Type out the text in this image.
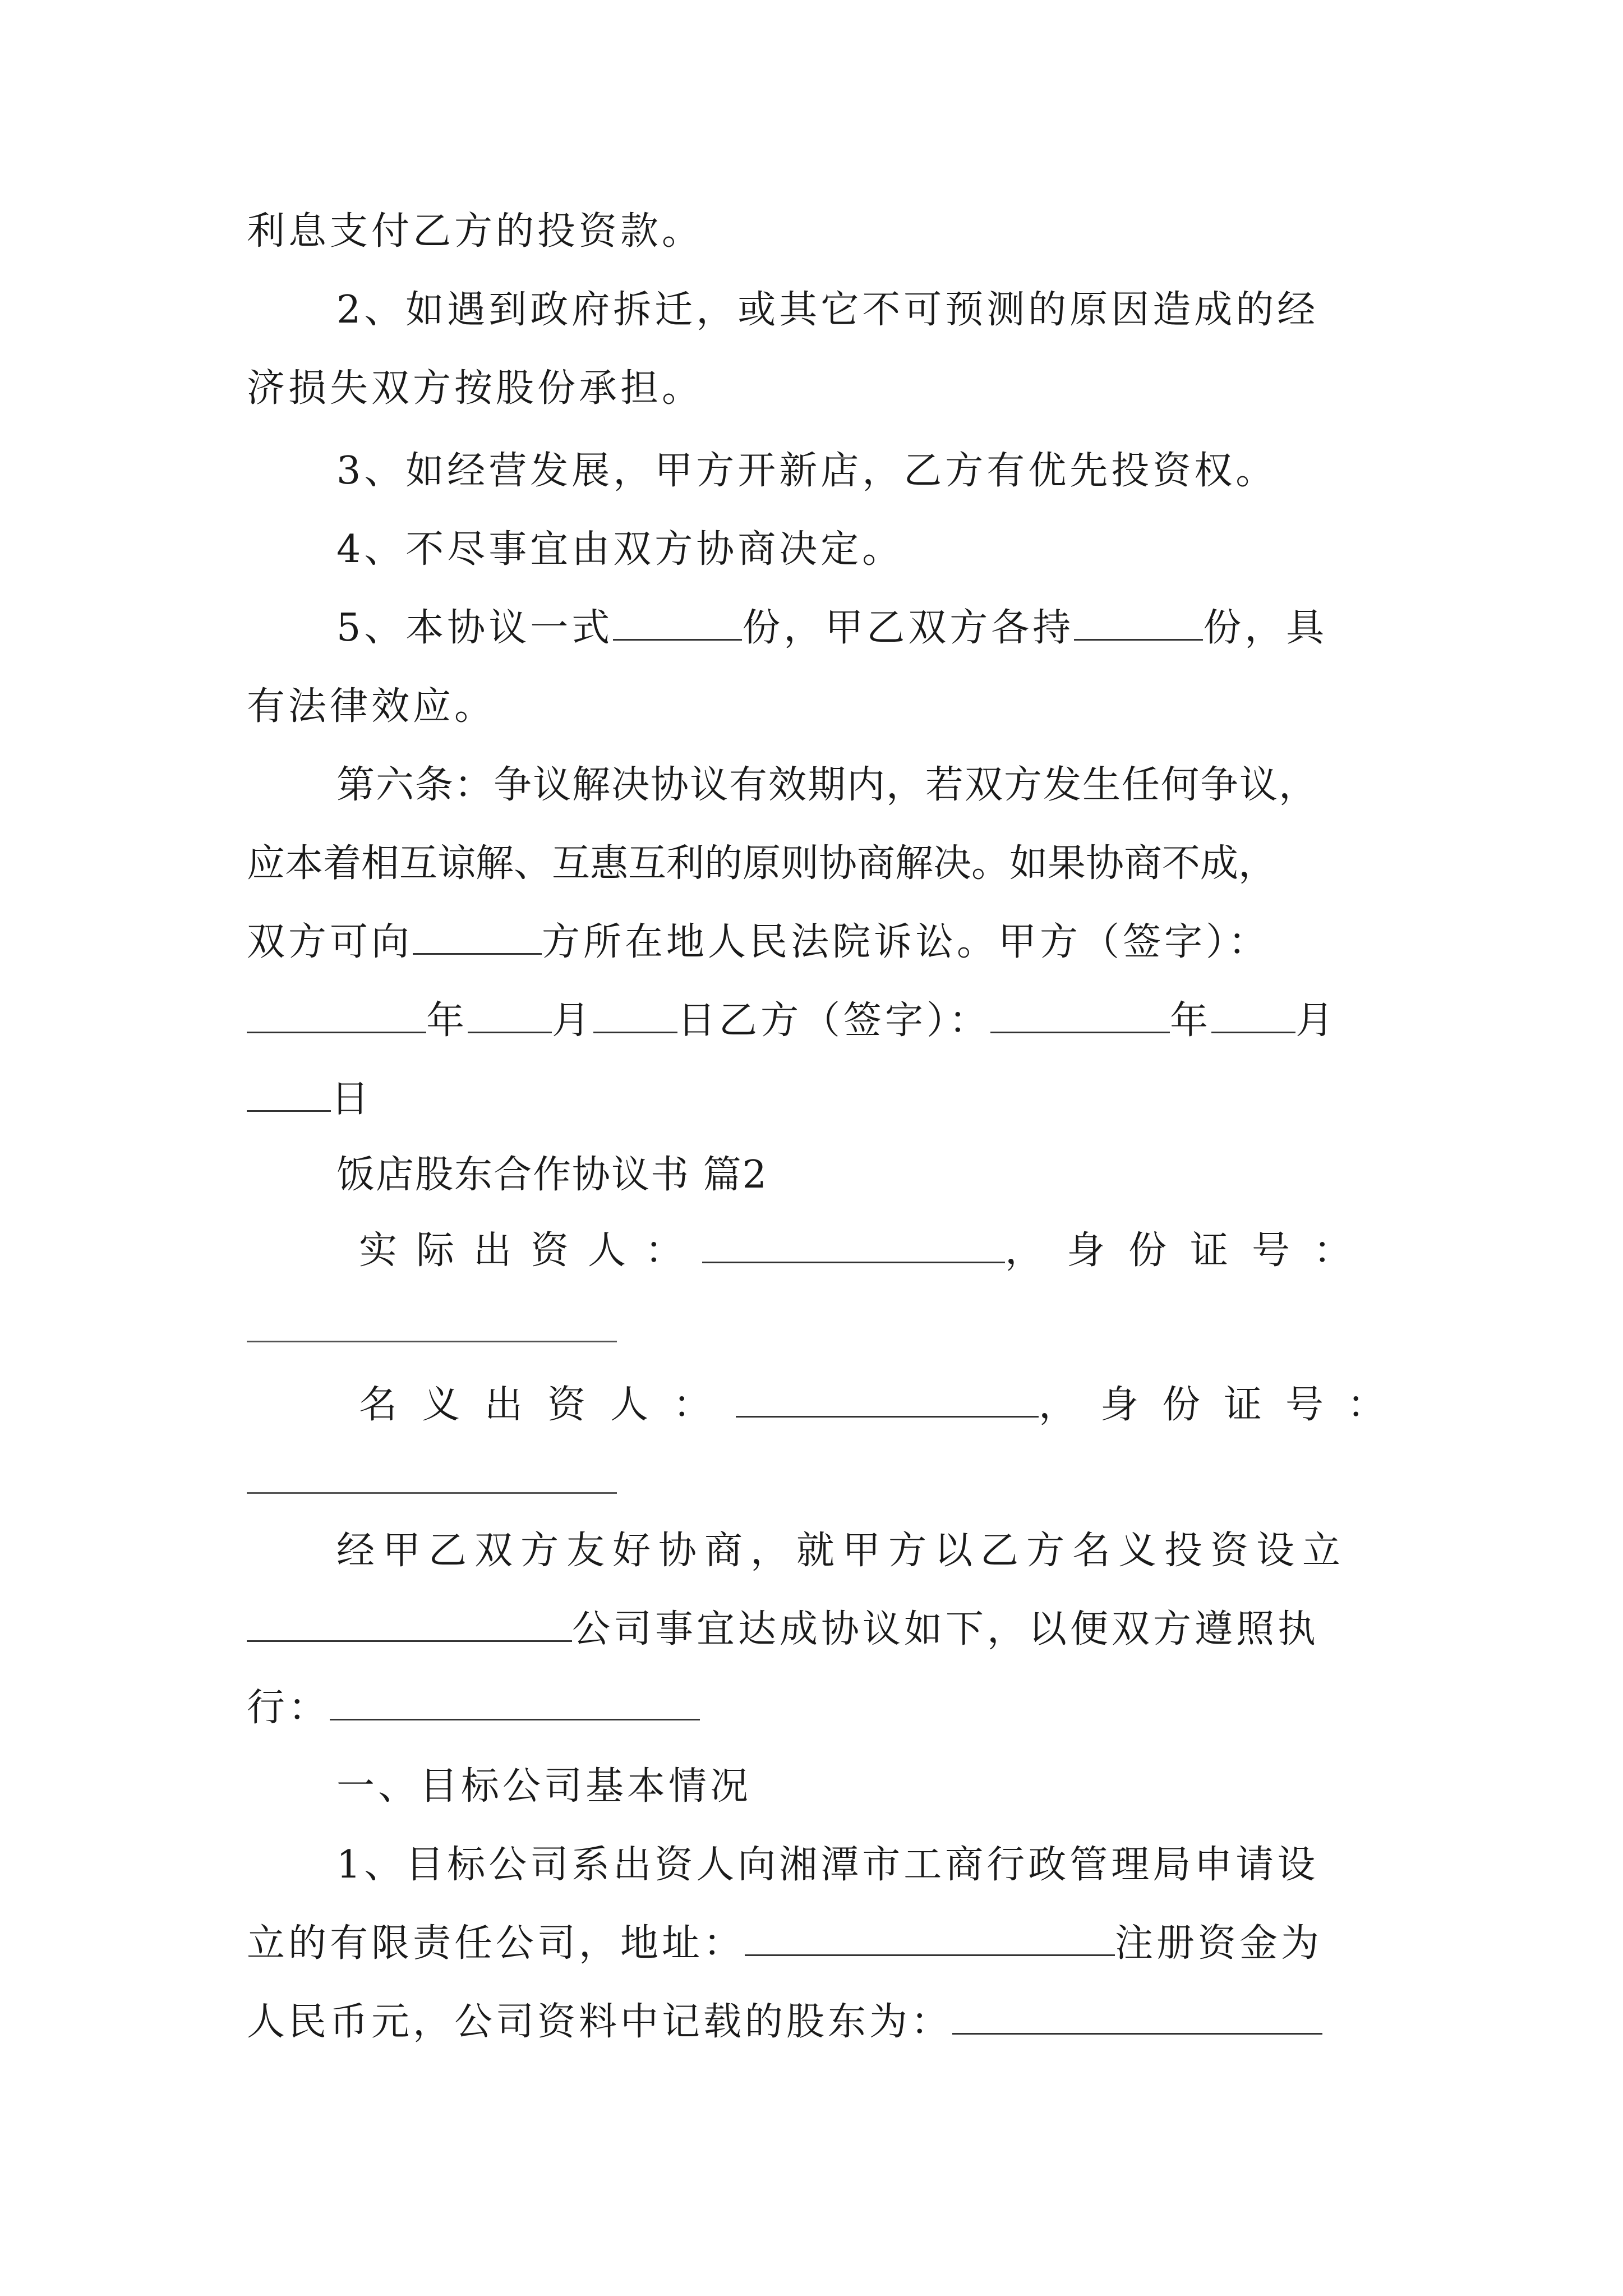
利息支付乙方的投资款。
2、如遇到政府拆迁，或其它不可预测的原因造成的经
济损失双方按股份承担。
3、如经营发展，甲方开新店，乙方有优先投资权。
4、不尽事宜由双方协商决定。
5、本协议一式	份，甲乙双方各持	份，具
有法律效应。
第六条：争议解决协议有效期内，若双方发生任何争议，
应本着相互谅解、互惠互利的原则协商解决。如果协商不成，
双方可向	方所在地人民法院诉讼。甲方（签字）：
年 月 日乙方（签字）：	年 月
日
饭店股东合作协议书 篇2
实际出资人：	，身份证号：
名义出资人：	，身份证号：
经甲乙双方友好协商，就甲方以乙方名义投资设立
公司事宜达成协议如下，以便双方遵照执
行：
一、目标公司基本情况
1、目标公司系出资人向湘潭市工商行政管理局申请设
立的有限责任公司，地址：	注册资金为
人民币元，公司资料中记载的股东为：
